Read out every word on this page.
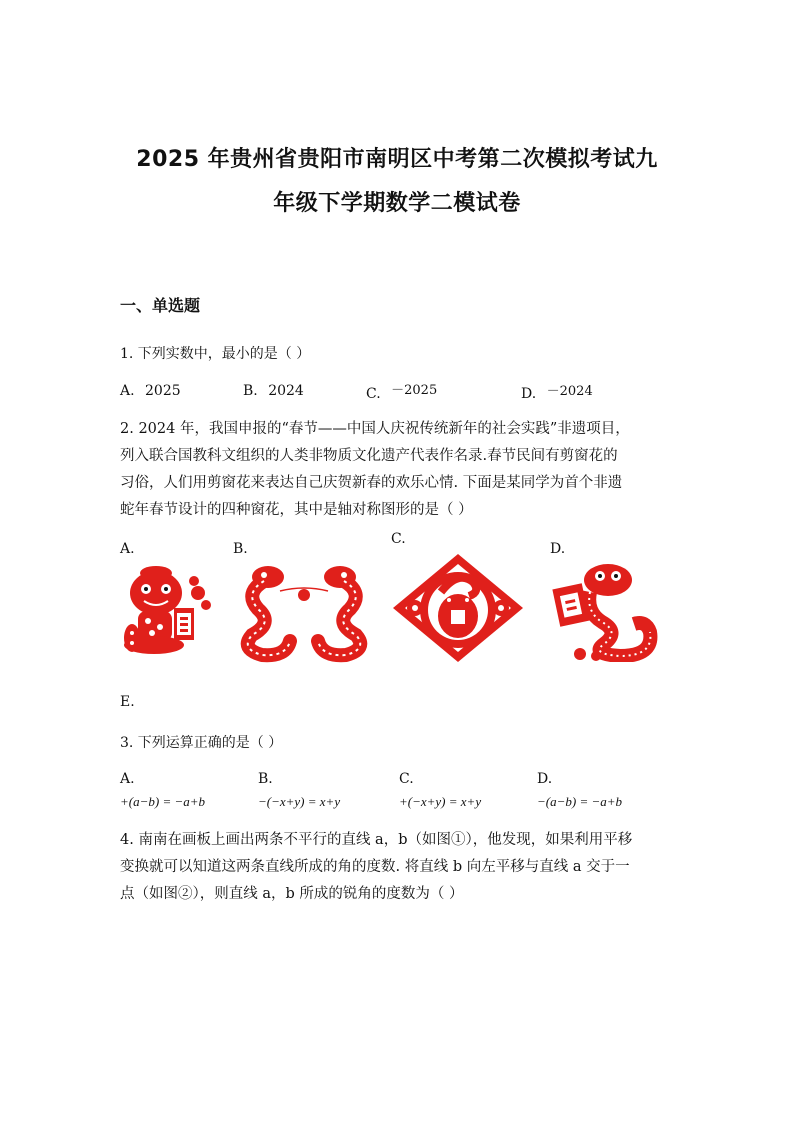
2025 年贵州省贵阳市南明区中考第二次模拟考试九
年级下学期数学二模试卷
一、单选题
1. 下列实数中，最小的是（ ）
A. 2025	B. 2024	C. －2025	D. －2024
2. 2024 年，我国申报的“春节——中国人庆祝传统新年的社会实践”非遗项目，
列入联合国教科文组织的人类非物质文化遗产代表作名录.春节民间有剪窗花的
习俗，人们用剪窗花来表达自己庆贺新春的欢乐心情. 下面是某同学为首个非遗
蛇年春节设计的四种窗花，其中是轴对称图形的是（ ）
A.	B.
C.
D.
E.
3. 下列运算正确的是（ ）
A.	B.	C.	D.
+(a−b) = −a+b	−(−x+y) = x+y	+(−x+y) = x+y	−(a−b) = −a+b
4. 南南在画板上画出两条不平行的直线 a，b（如图①），他发现，如果利用平移
变换就可以知道这两条直线所成的角的度数. 将直线 b 向左平移与直线 a 交于一
点（如图②），则直线 a，b 所成的锐角的度数为（ ）
